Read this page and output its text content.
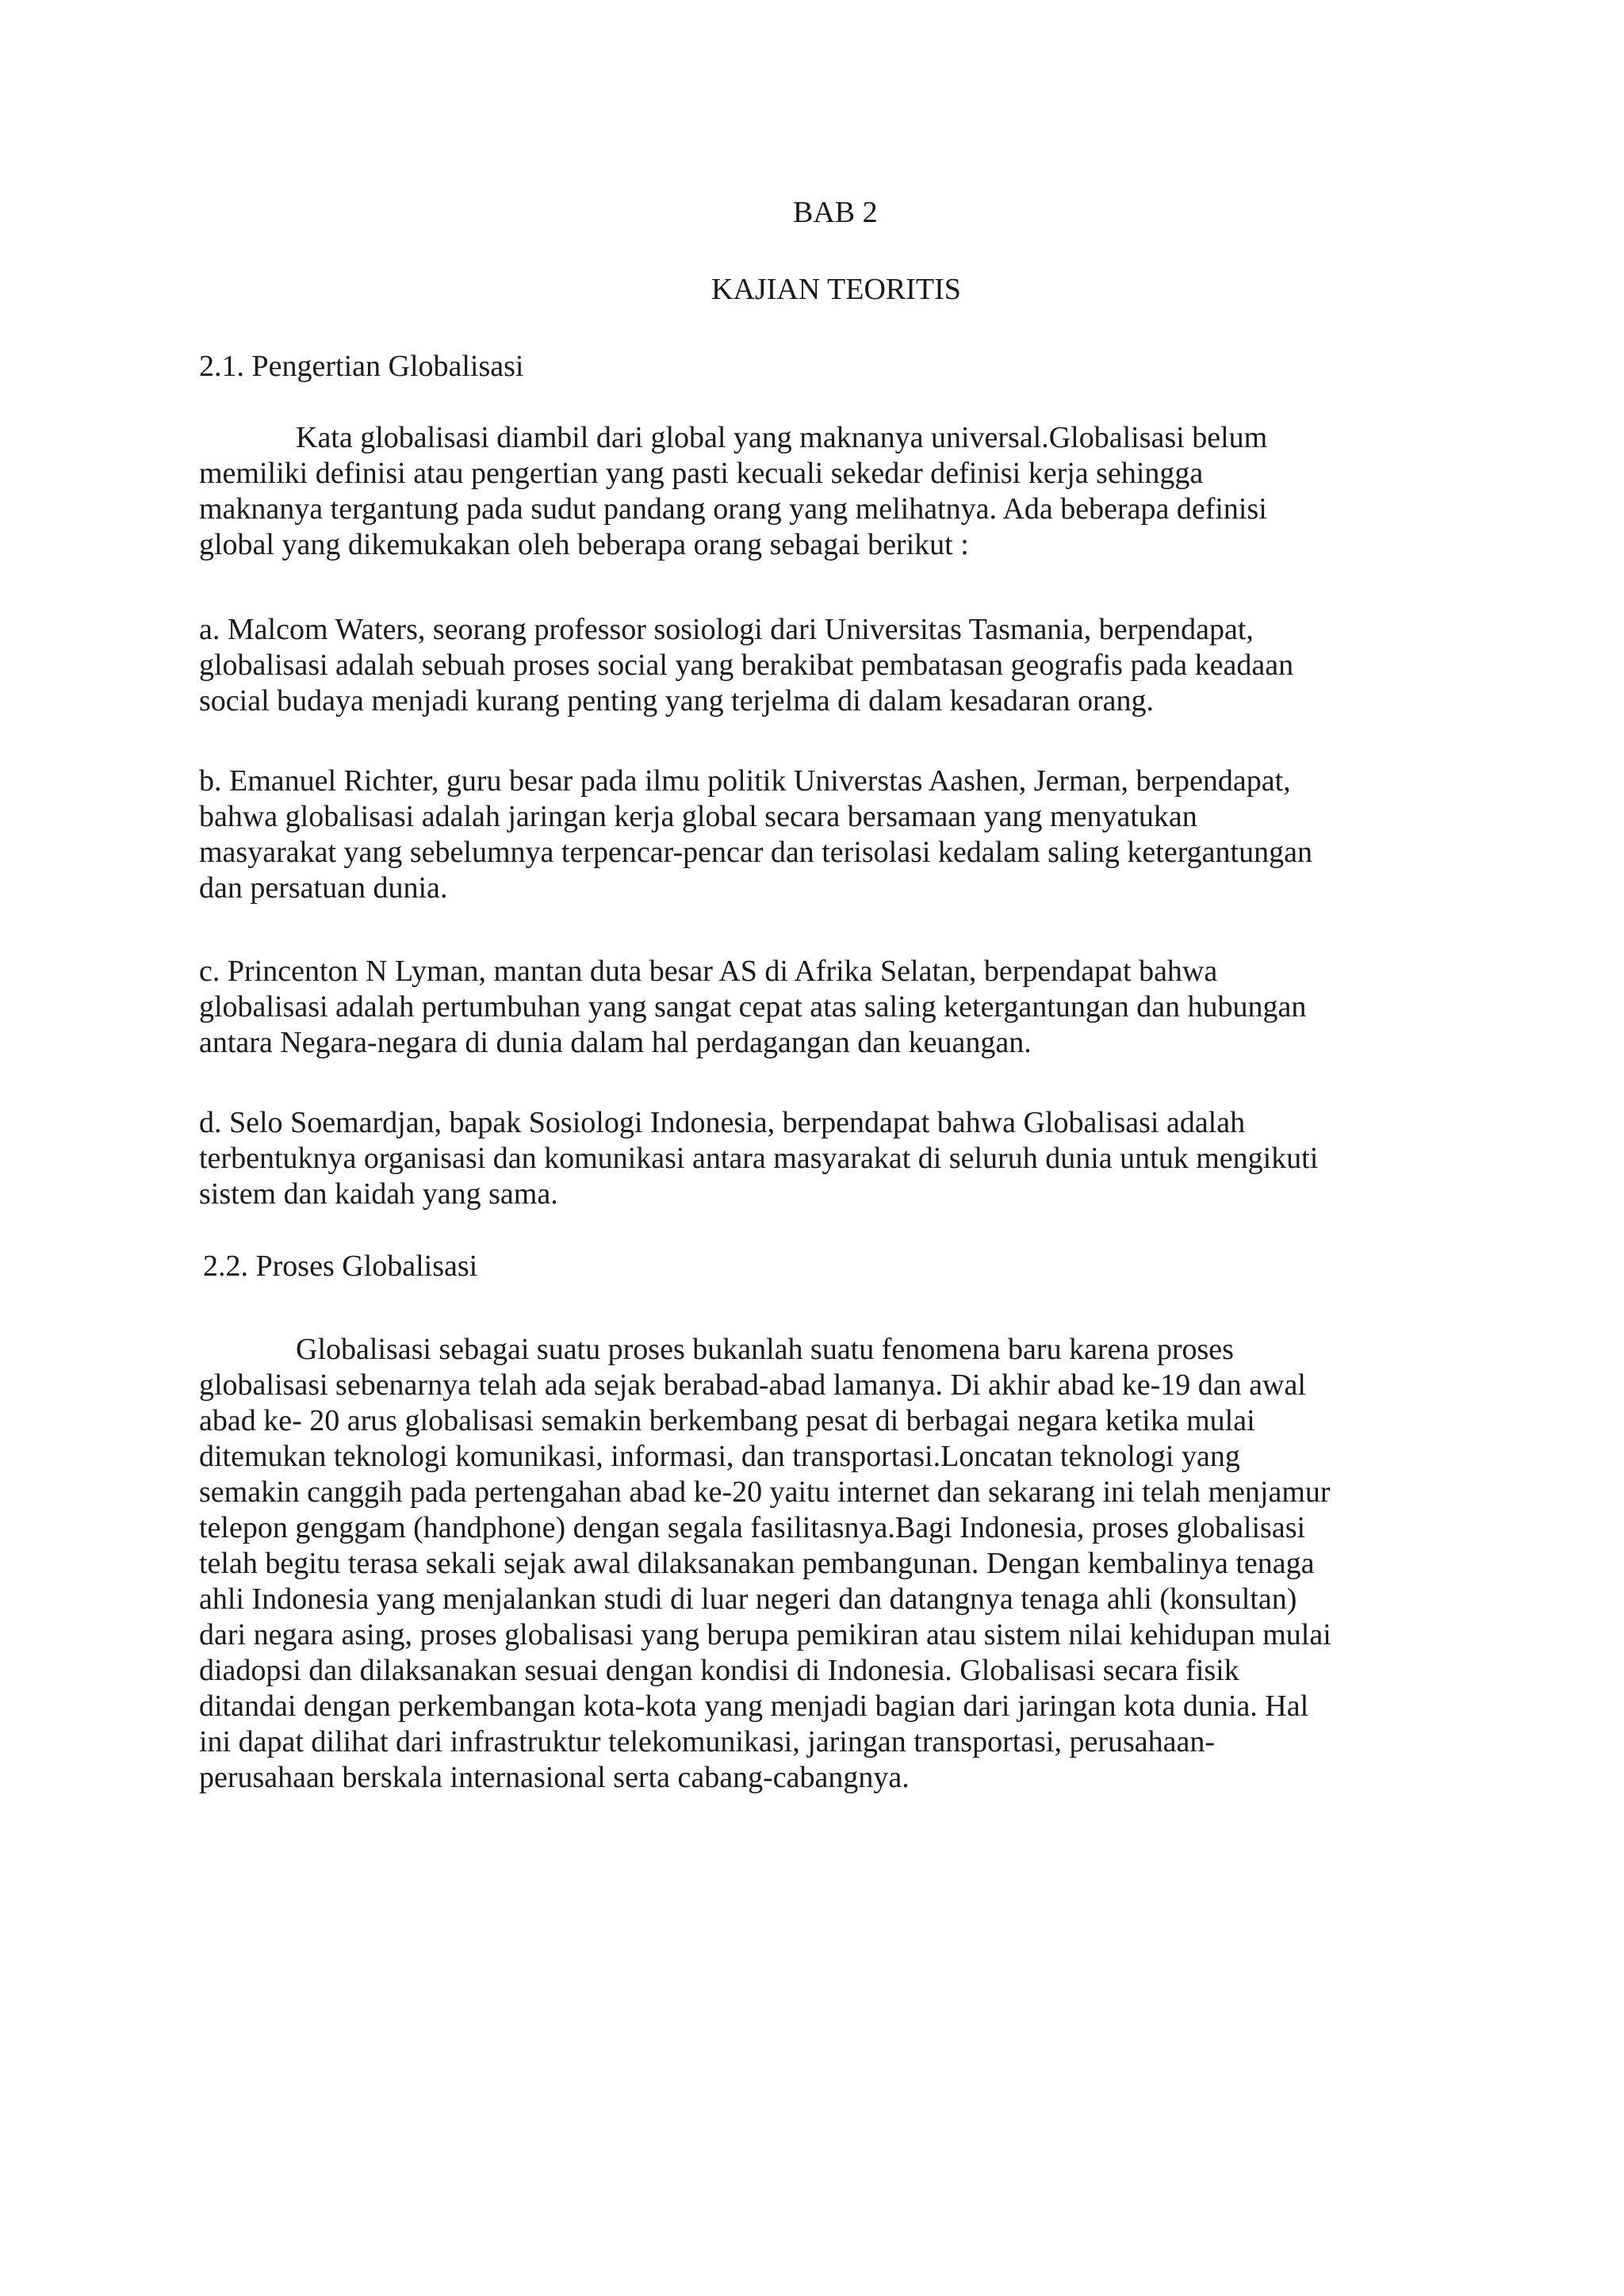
BAB 2
KAJIAN TEORITIS
2.1. Pengertian Globalisasi
Kata globalisasi diambil dari global yang maknanya universal.Globalisasi belum
memiliki definisi atau pengertian yang pasti kecuali sekedar definisi kerja sehingga
maknanya tergantung pada sudut pandang orang yang melihatnya. Ada beberapa definisi
global yang dikemukakan oleh beberapa orang sebagai berikut :
a. Malcom Waters, seorang professor sosiologi dari Universitas Tasmania, berpendapat,
globalisasi adalah sebuah proses social yang berakibat pembatasan geografis pada keadaan
social budaya menjadi kurang penting yang terjelma di dalam kesadaran orang.
b. Emanuel Richter, guru besar pada ilmu politik Universtas Aashen, Jerman, berpendapat,
bahwa globalisasi adalah jaringan kerja global secara bersamaan yang menyatukan
masyarakat yang sebelumnya terpencar-pencar dan terisolasi kedalam saling ketergantungan
dan persatuan dunia.
c. Princenton N Lyman, mantan duta besar AS di Afrika Selatan, berpendapat bahwa
globalisasi adalah pertumbuhan yang sangat cepat atas saling ketergantungan dan hubungan
antara Negara-negara di dunia dalam hal perdagangan dan keuangan.
d. Selo Soemardjan, bapak Sosiologi Indonesia, berpendapat bahwa Globalisasi adalah
terbentuknya organisasi dan komunikasi antara masyarakat di seluruh dunia untuk mengikuti
sistem dan kaidah yang sama.
2.2. Proses Globalisasi
Globalisasi sebagai suatu proses bukanlah suatu fenomena baru karena proses
globalisasi sebenarnya telah ada sejak berabad-abad lamanya. Di akhir abad ke-19 dan awal
abad ke- 20 arus globalisasi semakin berkembang pesat di berbagai negara ketika mulai
ditemukan teknologi komunikasi, informasi, dan transportasi.Loncatan teknologi yang
semakin canggih pada pertengahan abad ke-20 yaitu internet dan sekarang ini telah menjamur
telepon genggam (handphone) dengan segala fasilitasnya.Bagi Indonesia, proses globalisasi
telah begitu terasa sekali sejak awal dilaksanakan pembangunan. Dengan kembalinya tenaga
ahli Indonesia yang menjalankan studi di luar negeri dan datangnya tenaga ahli (konsultan)
dari negara asing, proses globalisasi yang berupa pemikiran atau sistem nilai kehidupan mulai
diadopsi dan dilaksanakan sesuai dengan kondisi di Indonesia. Globalisasi secara fisik
ditandai dengan perkembangan kota-kota yang menjadi bagian dari jaringan kota dunia. Hal
ini dapat dilihat dari infrastruktur telekomunikasi, jaringan transportasi, perusahaan-
perusahaan berskala internasional serta cabang-cabangnya.
